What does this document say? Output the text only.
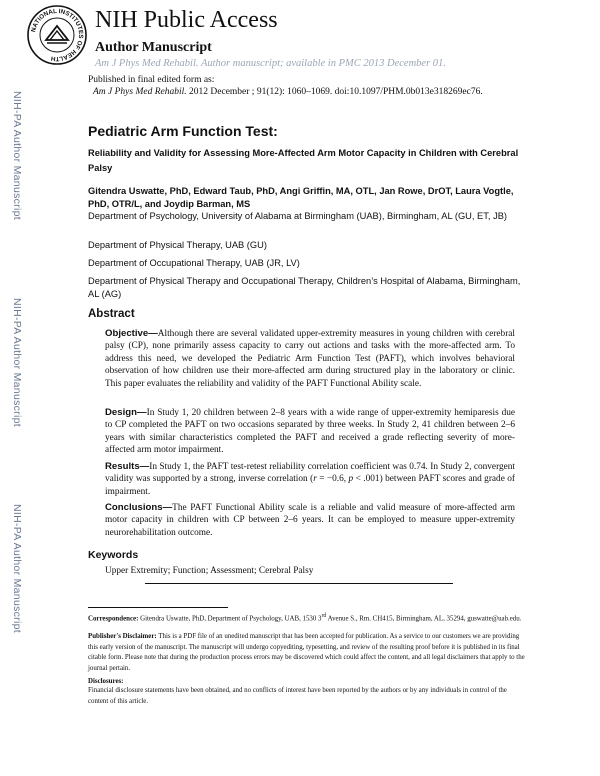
NATIONAL INSTITUTES OF HEALTH
NIH Public Access
Author Manuscript
Am J Phys Med Rehabil. Author manuscript; available in PMC 2013 December 01.
Published in final edited form as:
Am J Phys Med Rehabil. 2012 December ; 91(12): 1060–1069. doi:10.1097/PHM.0b013e318269ec76.
NIH-PA Author Manuscript
NIH-PA Author Manuscript
NIH-PA Author Manuscript
Pediatric Arm Function Test:
Reliability and Validity for Assessing More-Affected Arm Motor Capacity in Children with Cerebral Palsy
Gitendra Uswatte, PhD, Edward Taub, PhD, Angi Griffin, MA, OTL, Jan Rowe, DrOT, Laura Vogtle, PhD, OTR/L, and Joydip Barman, MS
Department of Psychology, University of Alabama at Birmingham (UAB), Birmingham, AL (GU, ET, JB)
Department of Physical Therapy, UAB (GU)
Department of Occupational Therapy, UAB (JR, LV)
Department of Physical Therapy and Occupational Therapy, Children’s Hospital of Alabama, Birmingham, AL (AG)
Abstract
Objective—Although there are several validated upper-extremity measures in young children with cerebral palsy (CP), none primarily assess capacity to carry out actions and tasks with the more-affected arm. To address this need, we developed the Pediatric Arm Function Test (PAFT), which involves behavioral observation of how children use their more-affected arm during structured play in the laboratory or clinic. This paper evaluates the reliability and validity of the PAFT Functional Ability scale.
Design—In Study 1, 20 children between 2–8 years with a wide range of upper-extremity hemiparesis due to CP completed the PAFT on two occasions separated by three weeks. In Study 2, 41 children between 2–6 years with similar characteristics completed the PAFT and received a grade reflecting severity of more-affected arm motor impairment.
Results—In Study 1, the PAFT test-retest reliability correlation coefficient was 0.74. In Study 2, convergent validity was supported by a strong, inverse correlation (r = −0.6, p < .001) between PAFT scores and grade of impairment.
Conclusions—The PAFT Functional Ability scale is a reliable and valid measure of more-affected arm motor capacity in children with CP between 2–6 years. It can be employed to measure upper-extremity neurorehabilitation outcome.
Keywords
Upper Extremity; Function; Assessment; Cerebral Palsy
Correspondence: Gitendra Uswatte, PhD, Department of Psychology, UAB, 1530 3rd Avenue S., Rm. CH415, Birmingham, AL, 35294, guswatte@uab.edu.
Publisher's Disclaimer: This is a PDF file of an unedited manuscript that has been accepted for publication. As a service to our customers we are providing this early version of the manuscript. The manuscript will undergo copyediting, typesetting, and review of the resulting proof before it is published in its final citable form. Please note that during the production process errors may be discovered which could affect the content, and all legal disclaimers that apply to the journal pertain.
Disclosures:
Financial disclosure statements have been obtained, and no conflicts of interest have been reported by the authors or by any individuals in control of the content of this article.
